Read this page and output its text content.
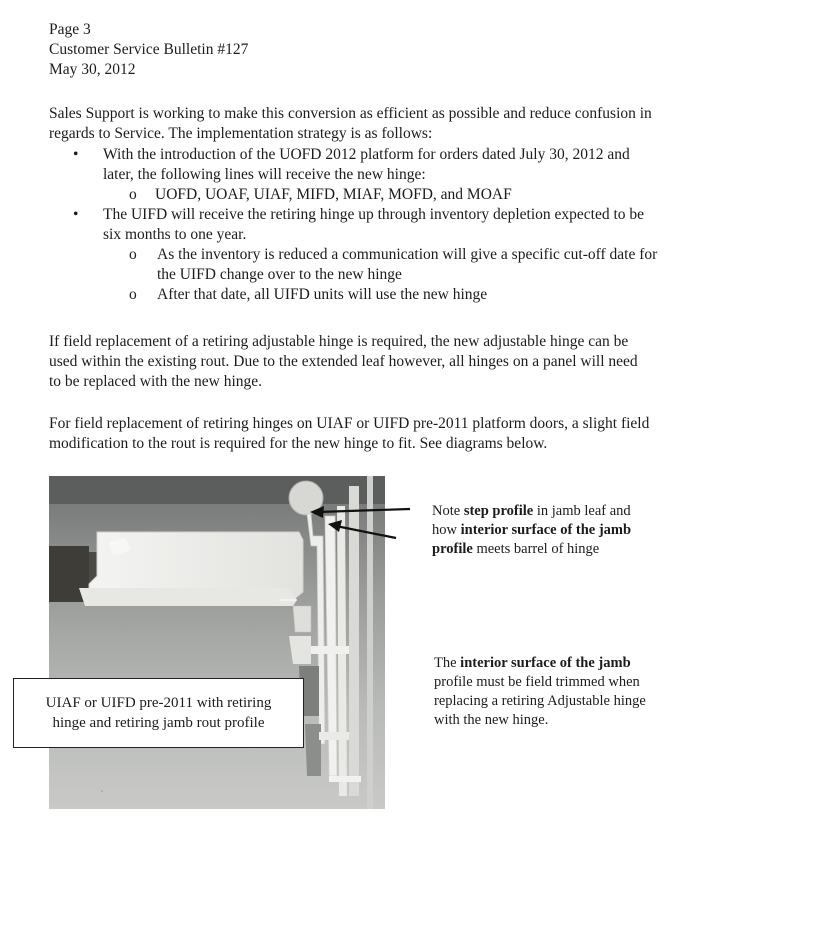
Page 3
Customer Service Bulletin #127
May 30, 2012
Sales Support is working to make this conversion as efficient as possible and reduce confusion in
regards to Service. The implementation strategy is as follows:
• With the introduction of the UOFD 2012 platform for orders dated July 30, 2012 and
later, the following lines will receive the new hinge:
o UOFD, UOAF, UIAF, MIFD, MIAF, MOFD, and MOAF
• The UIFD will receive the retiring hinge up through inventory depletion expected to be
six months to one year.
o As the inventory is reduced a communication will give a specific cut-off date for
the UIFD change over to the new hinge
o After that date, all UIFD units will use the new hinge
If field replacement of a retiring adjustable hinge is required, the new adjustable hinge can be
used within the existing rout. Due to the extended leaf however, all hinges on a panel will need
to be replaced with the new hinge.
For field replacement of retiring hinges on UIAF or UIFD pre-2011 platform doors, a slight field
modification to the rout is required for the new hinge to fit. See diagrams below.
UIAF or UIFD pre-2011 with retiring
hinge and retiring jamb rout profile
Note step profile in jamb leaf and
how interior surface of the jamb
profile meets barrel of hinge
The interior surface of the jamb
profile must be field trimmed when
replacing a retiring Adjustable hinge
with the new hinge.
